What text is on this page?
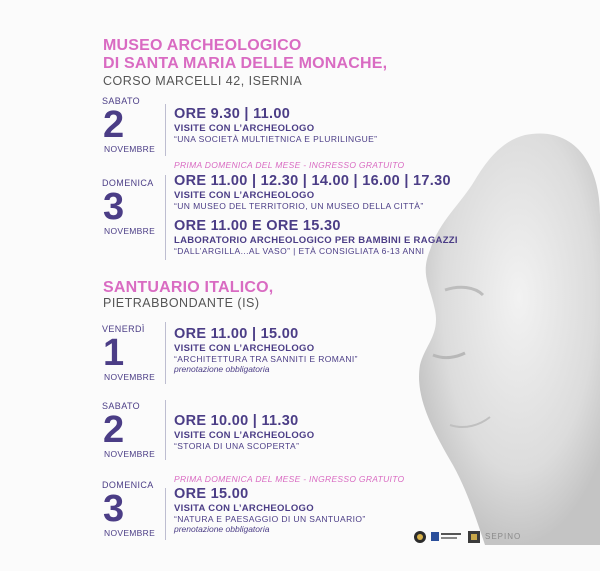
MUSEO ARCHEOLOGICO
DI SANTA MARIA DELLE MONACHE,
CORSO MARCELLI 42, ISERNIA
SABATO
2
NOVEMBRE
ORE 9.30 | 11.00
VISITE CON L’ARCHEOLOGO
“UNA SOCIETÀ MULTIETNICA E PLURILINGUE”
PRIMA DOMENICA DEL MESE - INGRESSO GRATUITO
DOMENICA
3
NOVEMBRE
ORE 11.00 | 12.30 | 14.00 | 16.00 | 17.30
VISITE CON L’ARCHEOLOGO
“UN MUSEO DEL TERRITORIO, UN MUSEO DELLA CITTÀ”
ORE 11.00 E ORE 15.30
LABORATORIO ARCHEOLOGICO PER BAMBINI E RAGAZZI
“DALL’ARGILLA...AL VASO” | ETÀ CONSIGLIATA 6-13 ANNI
SANTUARIO ITALICO,
PIETRABBONDANTE (IS)
VENERDÌ
1
NOVEMBRE
ORE 11.00 | 15.00
VISITE CON L’ARCHEOLOGO
“ARCHITETTURA TRA SANNITI E ROMANI”
prenotazione obbligatoria
SABATO
2
NOVEMBRE
ORE 10.00 | 11.30
VISITE CON L’ARCHEOLOGO
“STORIA DI UNA SCOPERTA”
PRIMA DOMENICA DEL MESE - INGRESSO GRATUITO
DOMENICA
3
NOVEMBRE
ORE 15.00
VISITA CON L’ARCHEOLOGO
“NATURA E PAESAGGIO DI UN SANTUARIO”
prenotazione obbligatoria
SEPINO
